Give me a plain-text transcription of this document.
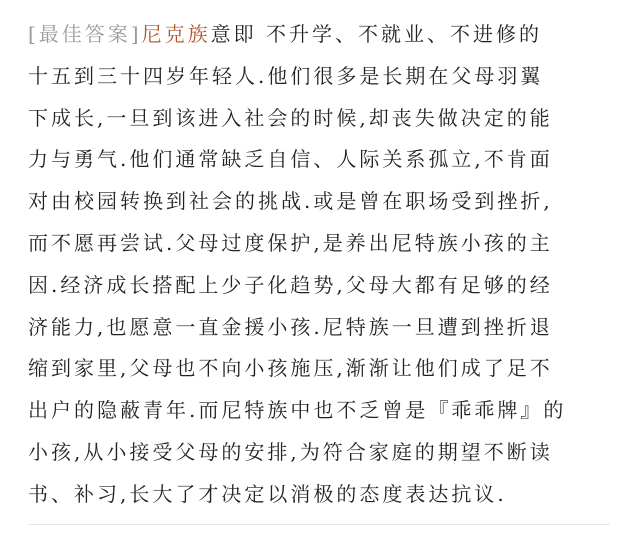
[最佳答案]尼克族意即 不升学、不就业、不进修的
十五到三十四岁年轻人.他们很多是长期在父母羽翼
下成长,一旦到该进入社会的时候,却丧失做决定的能
力与勇气.他们通常缺乏自信、人际关系孤立,不肯面
对由校园转换到社会的挑战.或是曾在职场受到挫折,
而不愿再尝试.父母过度保护,是养出尼特族小孩的主
因.经济成长搭配上少子化趋势,父母大都有足够的经
济能力,也愿意一直金援小孩.尼特族一旦遭到挫折退
缩到家里,父母也不向小孩施压,渐渐让他们成了足不
出户的隐蔽青年.而尼特族中也不乏曾是『乖乖牌』的
小孩,从小接受父母的安排,为符合家庭的期望不断读
书、补习,长大了才决定以消极的态度表达抗议.
